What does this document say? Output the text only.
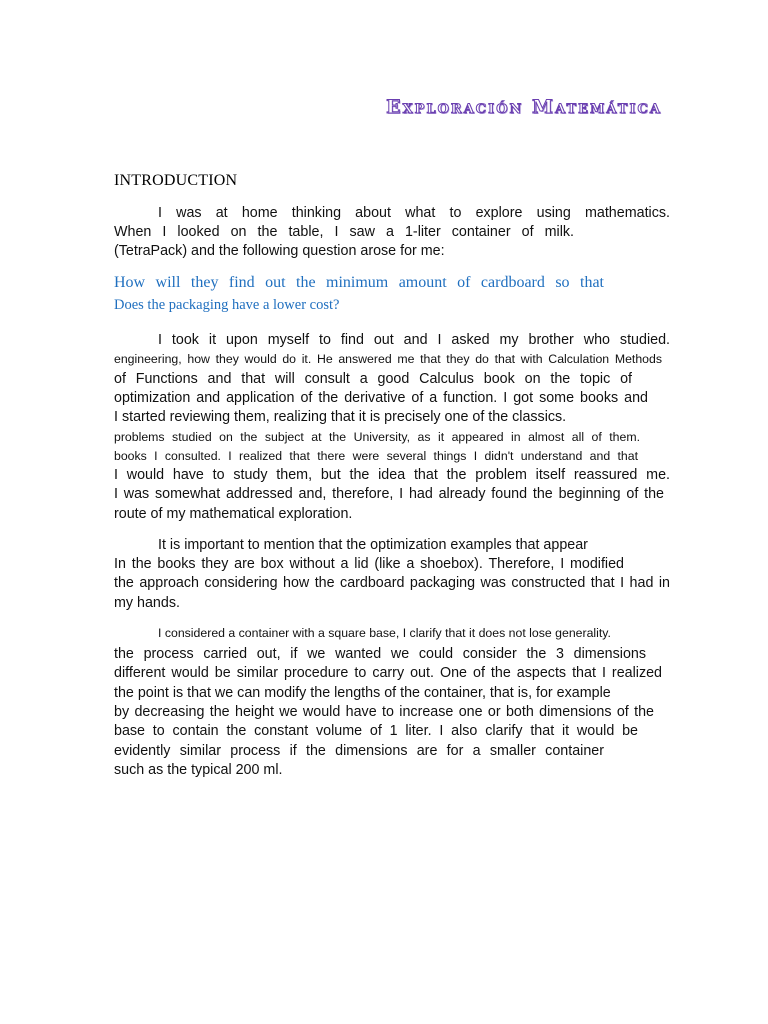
Exploración Matemática
INTRODUCTION
I was at home thinking about what to explore using mathematics.
When I looked on the table, I saw a 1-liter container of milk.
(TetraPack) and the following question arose for me:
How will they find out the minimum amount of cardboard so that
Does the packaging have a lower cost?
I took it upon myself to find out and I asked my brother who studied.
engineering, how they would do it. He answered me that they do that with Calculation Methods
of Functions and that will consult a good Calculus book on the topic of
optimization and application of the derivative of a function. I got some books and
I started reviewing them, realizing that it is precisely one of the classics.
problems studied on the subject at the University, as it appeared in almost all of them.
books I consulted. I realized that there were several things I didn't understand and that
I would have to study them, but the idea that the problem itself reassured me.
I was somewhat addressed and, therefore, I had already found the beginning of the
route of my mathematical exploration.
It is important to mention that the optimization examples that appear
In the books they are box without a lid (like a shoebox). Therefore, I modified
the approach considering how the cardboard packaging was constructed that I had in
my hands.
I considered a container with a square base, I clarify that it does not lose generality.
the process carried out, if we wanted we could consider the 3 dimensions
different would be similar procedure to carry out. One of the aspects that I realized
the point is that we can modify the lengths of the container, that is, for example
by decreasing the height we would have to increase one or both dimensions of the
base to contain the constant volume of 1 liter. I also clarify that it would be
evidently similar process if the dimensions are for a smaller container
such as the typical 200 ml.
